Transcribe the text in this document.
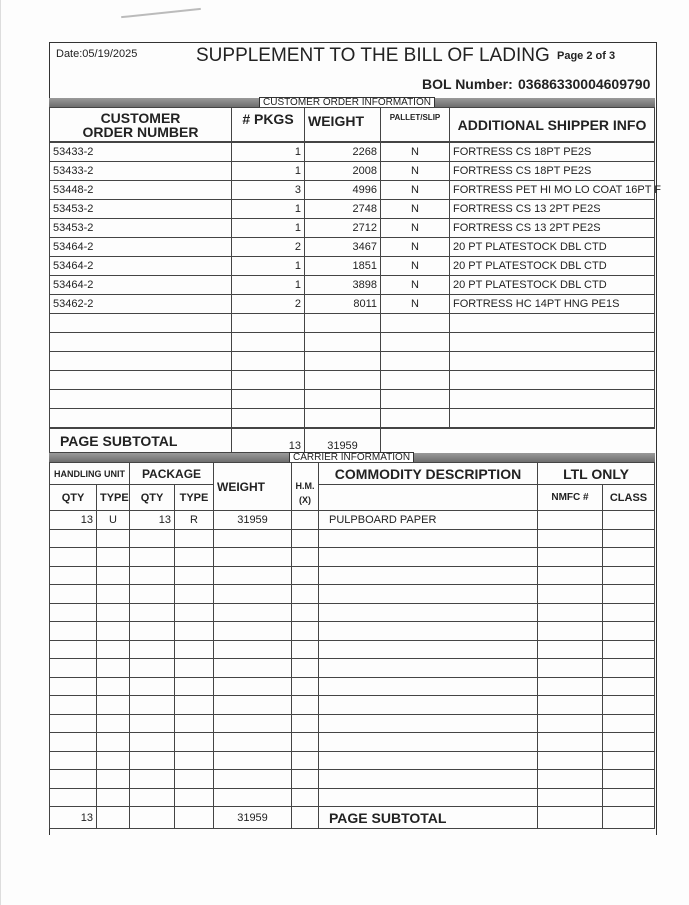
Date:05/19/2025	SUPPLEMENT TO THE BILL OF LADING Page 2 of 3
BOL Number: 03686330004609790
CUSTOMER ORDER INFORMATION
CUSTOMER ORDER NUMBER	# PKGS	WEIGHT	PALLET/SLIP	ADDITIONAL SHIPPER INFO
53433-2	1	2268	N	FORTRESS CS 18PT PE2S
53433-2	1	2008	N	FORTRESS CS 18PT PE2S
53448-2	3	4996	N	FORTRESS PET HI MO LO COAT 16PT F
53453-2	1	2748	N	FORTRESS CS 13 2PT PE2S
53453-2	1	2712	N	FORTRESS CS 13 2PT PE2S
53464-2	2	3467	N	20 PT PLATESTOCK DBL CTD
53464-2	1	1851	N	20 PT PLATESTOCK DBL CTD
53464-2	1	3898	N	20 PT PLATESTOCK DBL CTD
53462-2	2	8011	N	FORTRESS HC 14PT HNG PE1S

PAGE SUBTOTAL	13	31959	
CARRIER INFORMATION
HANDLING UNIT		PACKAGE		WEIGHT	H.M. (X)	COMMODITY DESCRIPTION	LTL ONLY	
QTY	TYPE	QTY	TYPE				NMFC #	CLASS
13	U	13	R	31959		PULPBOARD PAPER		

13				31959		PAGE SUBTOTAL		
